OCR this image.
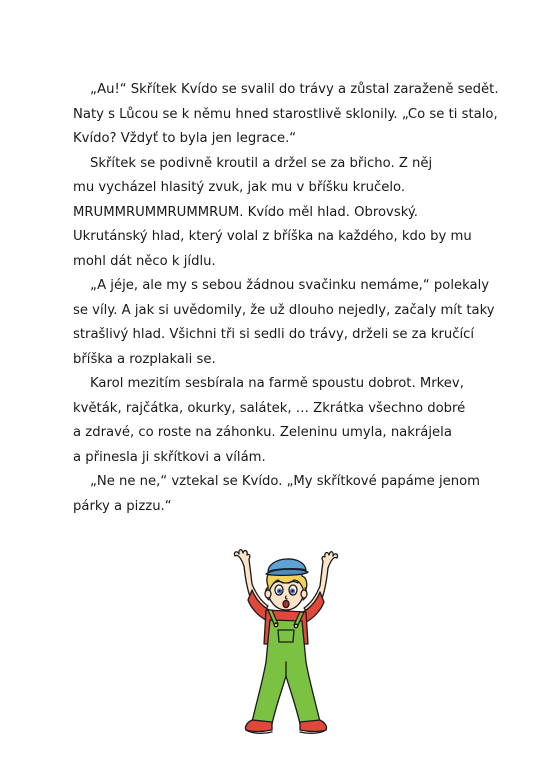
„Au!“ Skřítek Kvído se svalil do trávy a zůstal zaraženě sedět.
Naty s Lůcou se k němu hned starostlivě sklonily. „Co se ti stalo,
Kvído? Vždyť to byla jen legrace.“
Skřítek se podivně kroutil a držel se za břicho. Z něj
mu vycházel hlasitý zvuk, jak mu v bříšku kručelo.
MRUMMRUMMRUMMRUM. Kvído měl hlad. Obrovský.
Ukrutánský hlad, který volal z bříška na každého, kdo by mu
mohl dát něco k jídlu.
„A jéje, ale my s sebou žádnou svačinku nemáme,“ polekaly
se víly. A jak si uvědomily, že už dlouho nejedly, začaly mít taky
strašlivý hlad. Všichni tři si sedli do trávy, drželi se za kručící
bříška a rozplakali se.
Karol mezitím sesbírala na farmě spoustu dobrot. Mrkev,
květák, rajčátka, okurky, salátek, … Zkrátka všechno dobré
a zdravé, co roste na záhonku. Zeleninu umyla, nakrájela
a přinesla ji skřítkovi a vílám.
„Ne ne ne,“ vztekal se Kvído. „My skřítkové papáme jenom
párky a pizzu.“
